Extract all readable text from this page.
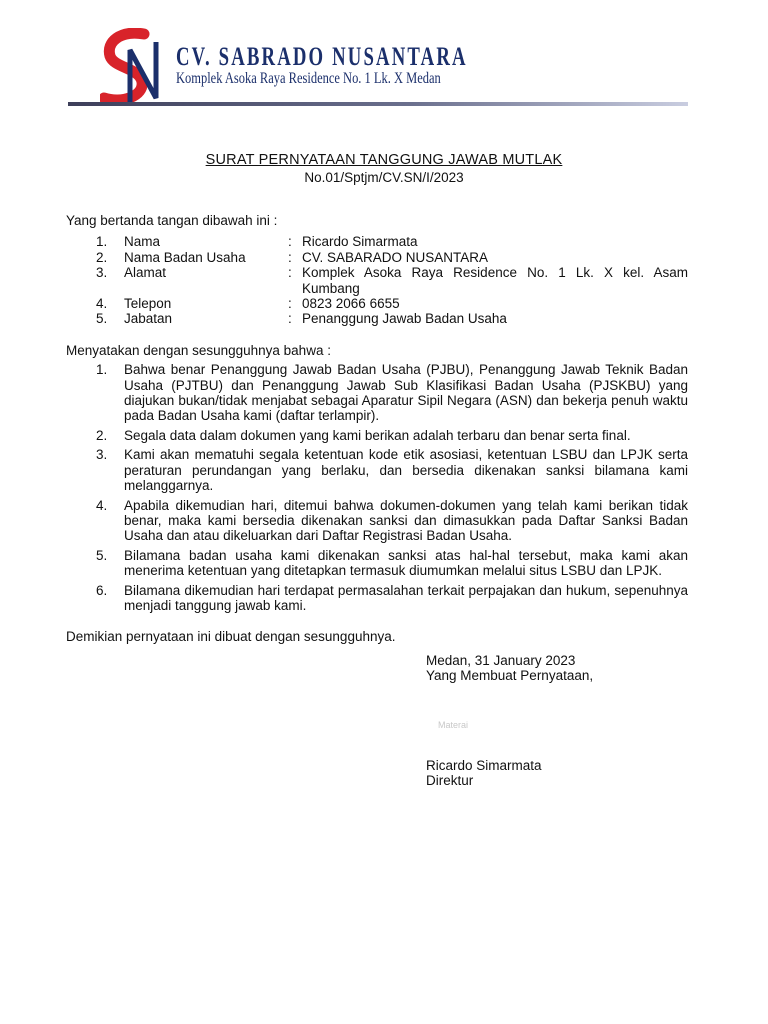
CV. SABRADO NUSANTARA
Komplek Asoka Raya Residence No. 1 Lk. X Medan
SURAT PERNYATAAN TANGGUNG JAWAB MUTLAK
No.01/Sptjm/CV.SN/I/2023

Yang bertanda tangan dibawah ini :

1.	Nama	:	Ricardo Simarmata
2.	Nama Badan Usaha	:	CV. SABARADO NUSANTARA
3.	Alamat	:	Komplek Asoka Raya Residence No. 1 Lk. X kel. Asam Kumbang
4.	Telepon	:	0823 2066 6655
5.	Jabatan	:	Penanggung Jawab Badan Usaha

Menyatakan dengan sesungguhnya bahwa :

1.	Bahwa benar Penanggung Jawab Badan Usaha (PJBU), Penanggung Jawab Teknik Badan Usaha (PJTBU) dan Penanggung Jawab Sub Klasifikasi Badan Usaha (PJSKBU) yang diajukan bukan/tidak menjabat sebagai Aparatur Sipil Negara (ASN) dan bekerja penuh waktu pada Badan Usaha kami (daftar terlampir).
2.	Segala data dalam dokumen yang kami berikan adalah terbaru dan benar serta final.
3.	Kami akan mematuhi segala ketentuan kode etik asosiasi, ketentuan LSBU dan LPJK serta peraturan perundangan yang berlaku, dan bersedia dikenakan sanksi bilamana kami melanggarnya.
4.	Apabila dikemudian hari, ditemui bahwa dokumen-dokumen yang telah kami berikan tidak benar, maka kami bersedia dikenakan sanksi dan dimasukkan pada Daftar Sanksi Badan Usaha dan atau dikeluarkan dari Daftar Registrasi Badan Usaha.
5.	Bilamana badan usaha kami dikenakan sanksi atas hal-hal tersebut, maka kami akan menerima ketentuan yang ditetapkan termasuk diumumkan melalui situs LSBU dan LPJK.
6.	Bilamana dikemudian hari terdapat permasalahan terkait perpajakan dan hukum, sepenuhnya menjadi tanggung jawab kami.

Demikian pernyataan ini dibuat dengan sesungguhnya.

Medan, 31 January 2023
Yang Membuat Pernyataan,
Materai
Ricardo Simarmata
Direktur
